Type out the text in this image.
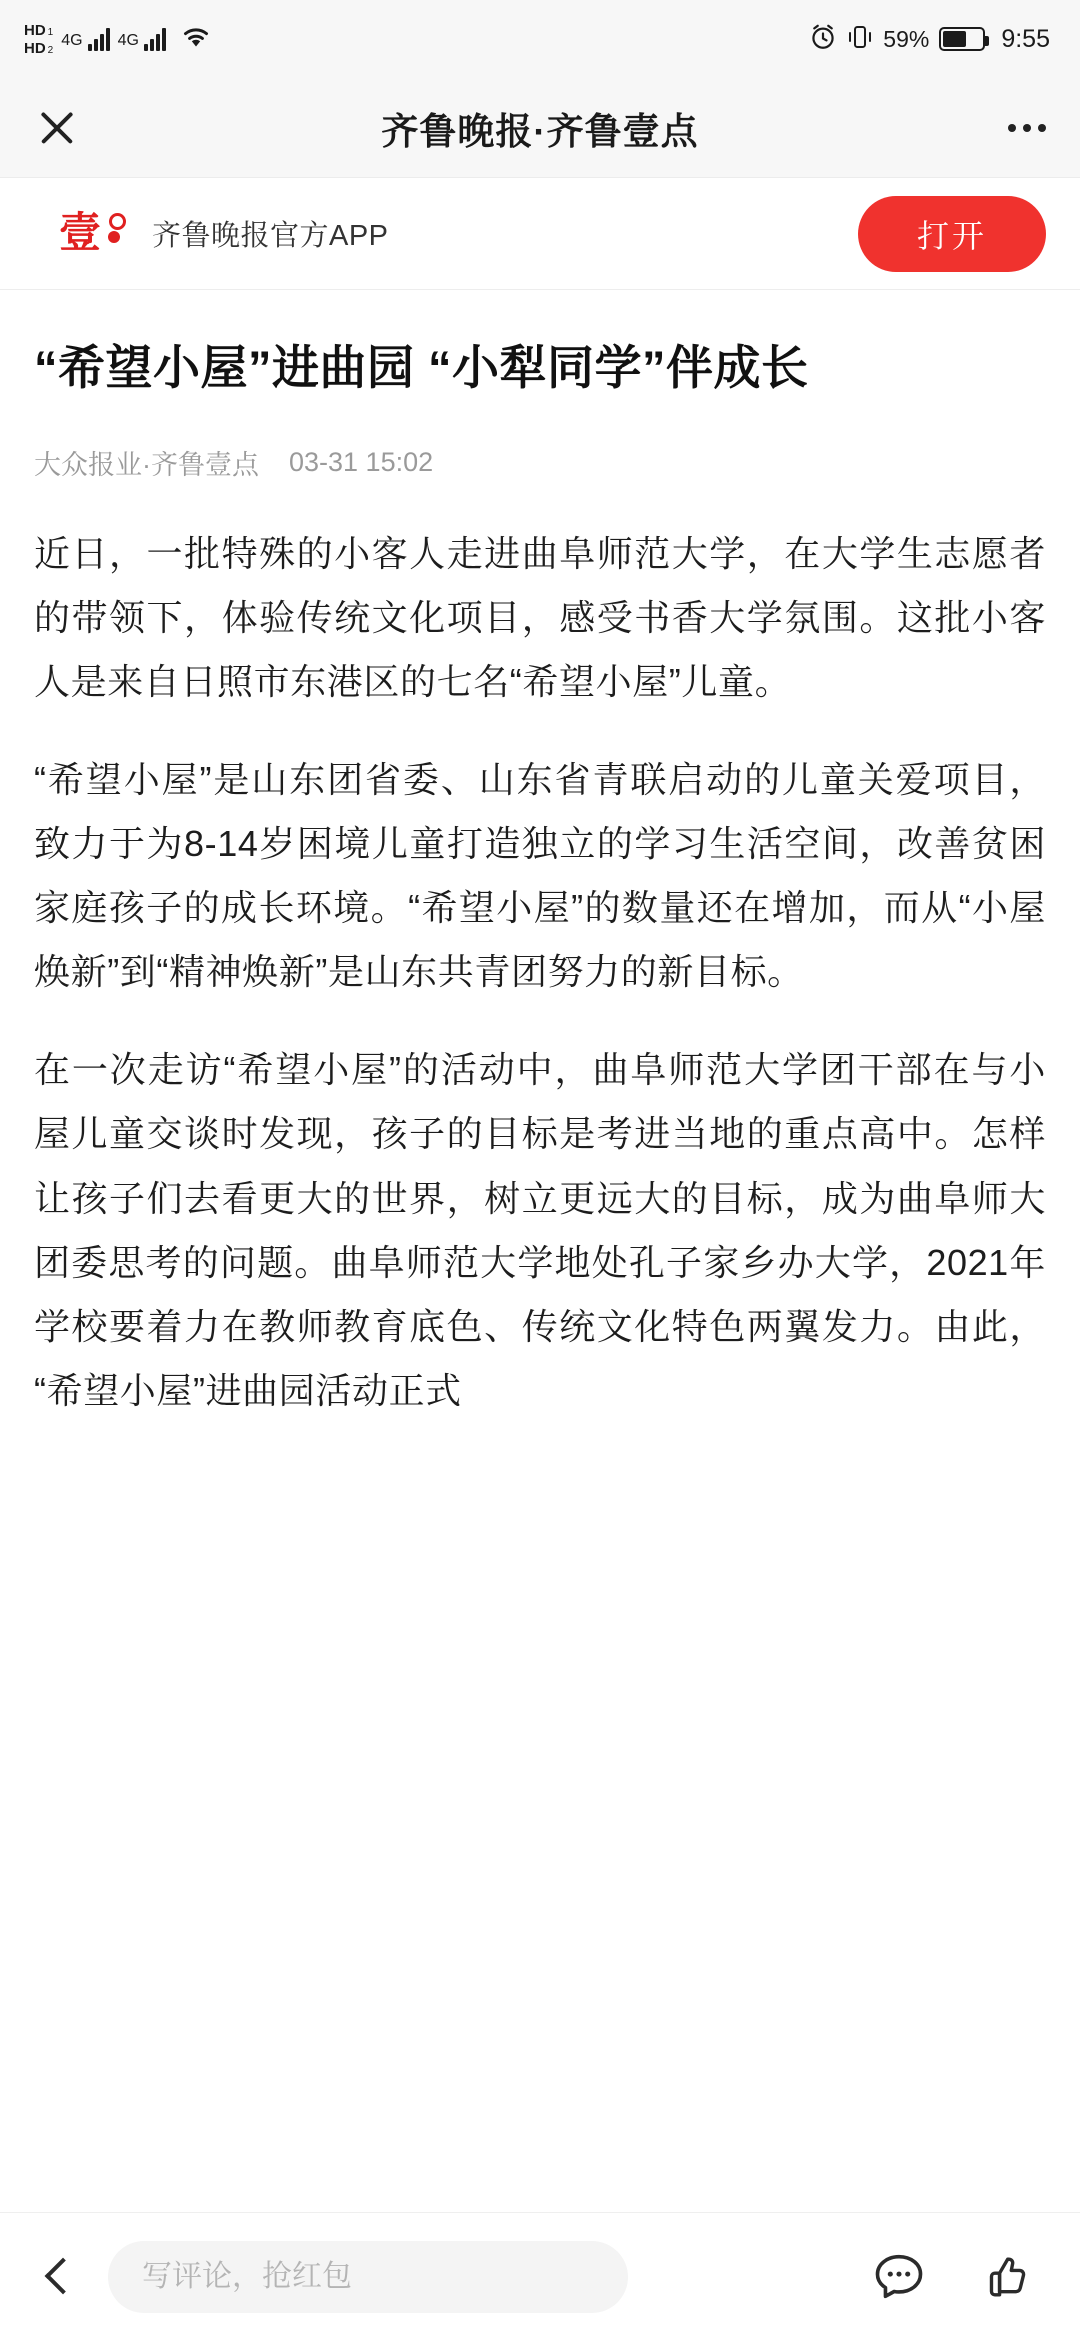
HD 1
HD 2
4G 4G	59%	9:55
齐鲁晚报·齐鲁壹点
壹 齐鲁晚报官方APP	打开
“希望小屋”进曲园 “小犁同学”伴成长
大众报业·齐鲁壹点 03-31 15:02

近日，一批特殊的小客人走进曲阜师范大学，在大学生志愿者的带领下，体验传统文化项目，感受书香大学氛围。这批小客人是来自日照市东港区的七名“希望小屋”儿童。

“希望小屋”是山东团省委、山东省青联启动的儿童关爱项目，致力于为8-14岁困境儿童打造独立的学习生活空间，改善贫困家庭孩子的成长环境。“希望小屋”的数量还在增加，而从“小屋焕新”到“精神焕新”是山东共青团努力的新目标。

在一次走访“希望小屋”的活动中，曲阜师范大学团干部在与小屋儿童交谈时发现，孩子的目标是考进当地的重点高中。怎样让孩子们去看更大的世界，树立更远大的目标，成为曲阜师大团委思考的问题。曲阜师范大学地处孔子家乡办大学，2021年学校要着力在教师教育底色、传统文化特色两翼发力。由此，“希望小屋”进曲园活动正式

写评论，抢红包
